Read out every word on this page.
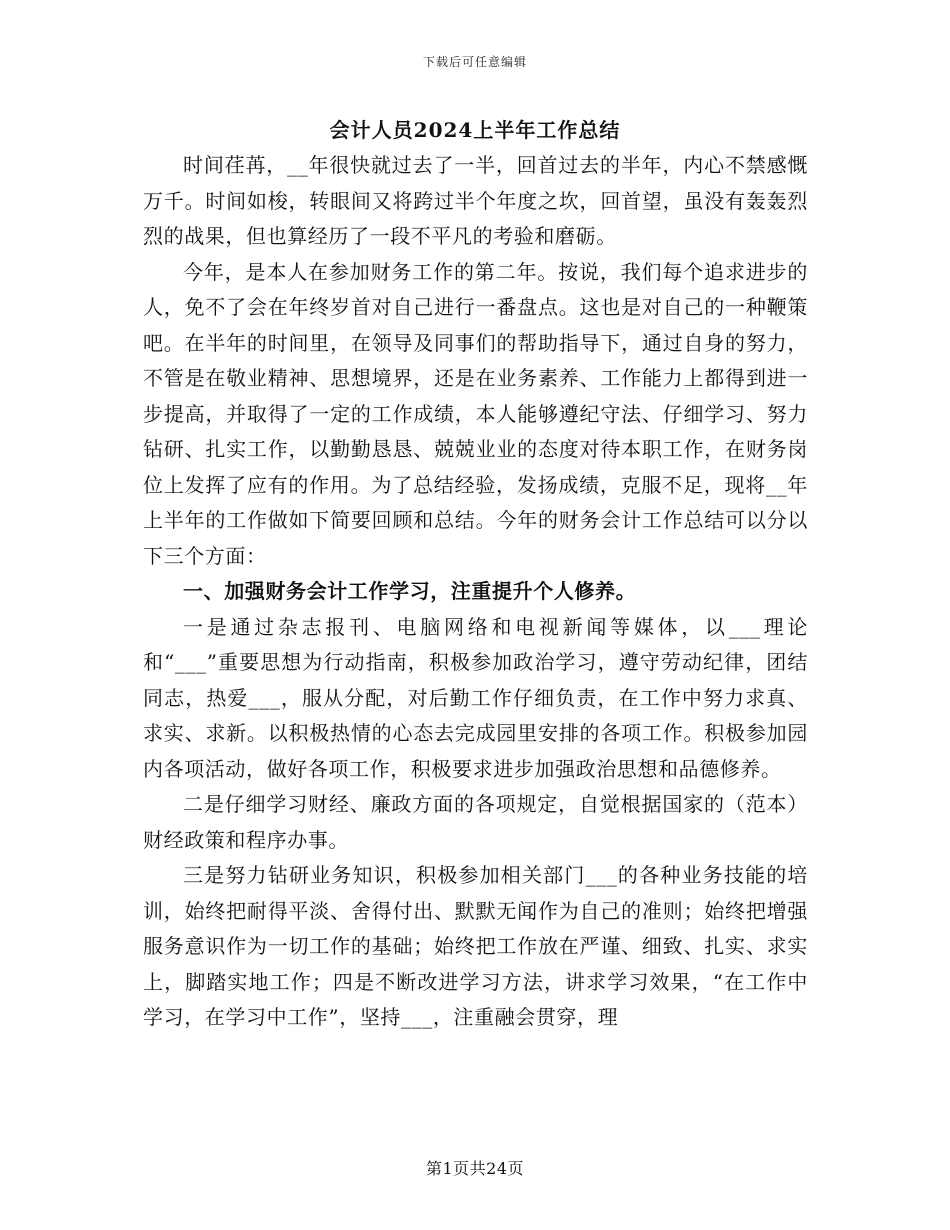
下载后可任意编辑
会计人员2024上半年工作总结

时间荏苒，__年很快就过去了一半，回首过去的半年，内心不禁感慨万千。时间如梭，转眼间又将跨过半个年度之坎，回首望，虽没有轰轰烈烈的战果，但也算经历了一段不平凡的考验和磨砺。

今年，是本人在参加财务工作的第二年。按说，我们每个追求进步的人，免不了会在年终岁首对自己进行一番盘点。这也是对自己的一种鞭策吧。在半年的时间里，在领导及同事们的帮助指导下，通过自身的努力，不管是在敬业精神、思想境界，还是在业务素养、工作能力上都得到进一步提高，并取得了一定的工作成绩，本人能够遵纪守法、仔细学习、努力钻研、扎实工作，以勤勤恳恳、兢兢业业的态度对待本职工作，在财务岗位上发挥了应有的作用。为了总结经验，发扬成绩，克服不足，现将__年上半年的工作做如下简要回顾和总结。今年的财务会计工作总结可以分以下三个方面：

一、加强财务会计工作学习，注重提升个人修养。

一是通过杂志报刊、电脑网络和电视新闻等媒体，以___理论和“___”重要思想为行动指南，积极参加政治学习，遵守劳动纪律，团结同志，热爱___，服从分配，对后勤工作仔细负责，在工作中努力求真、求实、求新。以积极热情的心态去完成园里安排的各项工作。积极参加园内各项活动，做好各项工作，积极要求进步加强政治思想和品德修养。

二是仔细学习财经、廉政方面的各项规定，自觉根据国家的（范本）财经政策和程序办事。

三是努力钻研业务知识，积极参加相关部门___的各种业务技能的培训，始终把耐得平淡、舍得付出、默默无闻作为自己的准则；始终把增强服务意识作为一切工作的基础；始终把工作放在严谨、细致、扎实、求实上，脚踏实地工作；四是不断改进学习方法，讲求学习效果，“在工作中学习，在学习中工作”，坚持___，注重融会贯穿，理

第1页共24页
